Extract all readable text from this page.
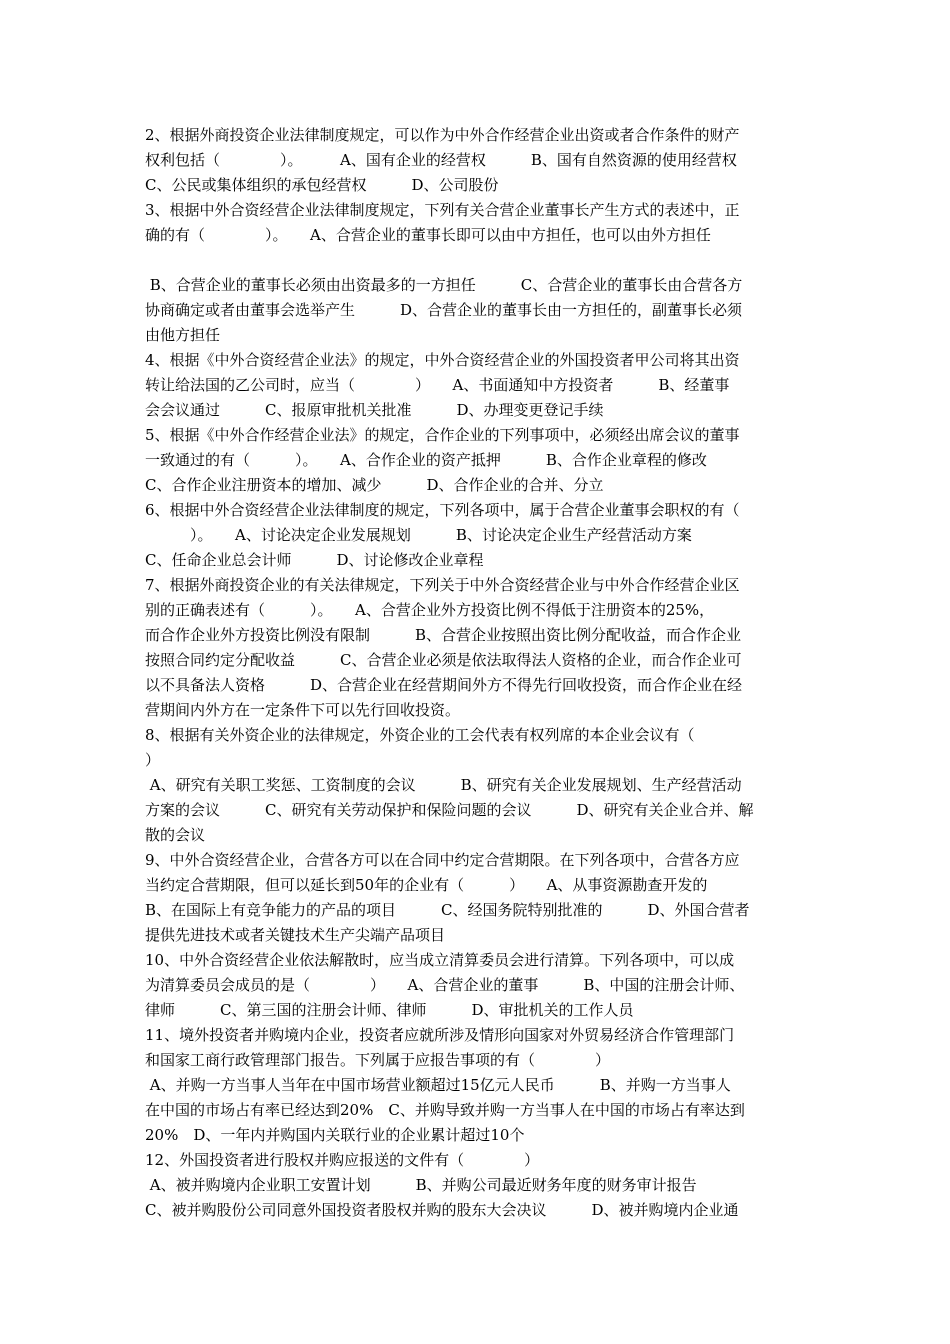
2、根据外商投资企业法律制度规定，可以作为中外合作经营企业出资或者合作条件的财产
权利包括（　　　　）。　　　A、国有企业的经营权　　　B、国有自然资源的使用经营权
C、公民或集体组织的承包经营权　　　D、公司股份
3、根据中外合资经营企业法律制度规定，下列有关合营企业董事长产生方式的表述中，正
确的有（　　　　）。　　A、合营企业的董事长即可以由中方担任，也可以由外方担任
B、合营企业的董事长必须由出资最多的一方担任　　　C、合营企业的董事长由合营各方
协商确定或者由董事会选举产生　　　D、合营企业的董事长由一方担任的，副董事长必须
由他方担任
4、根据《中外合资经营企业法》的规定，中外合资经营企业的外国投资者甲公司将其出资
转让给法国的乙公司时，应当（　　　　）　　A、书面通知中方投资者　　　B、经董事
会会议通过　　　C、报原审批机关批准　　　D、办理变更登记手续
5、根据《中外合作经营企业法》的规定，合作企业的下列事项中，必须经出席会议的董事
一致通过的有（　　　）。　　A、合作企业的资产抵押　　　B、合作企业章程的修改
C、合作企业注册资本的增加、减少　　　D、合作企业的合并、分立
6、根据中外合资经营企业法律制度的规定，下列各项中，属于合营企业董事会职权的有（
　　　）。　　A、讨论决定企业发展规划　　　B、讨论决定企业生产经营活动方案
C、任命企业总会计师　　　D、讨论修改企业章程
7、根据外商投资企业的有关法律规定，下列关于中外合资经营企业与中外合作经营企业区
别的正确表述有（　　　）。　　A、合营企业外方投资比例不得低于注册资本的25%，
而合作企业外方投资比例没有限制　　　B、合营企业按照出资比例分配收益，而合作企业
按照合同约定分配收益　　　C、合营企业必须是依法取得法人资格的企业，而合作企业可
以不具备法人资格　　　D、合营企业在经营期间外方不得先行回收投资，而合作企业在经
营期间内外方在一定条件下可以先行回收投资。
8、根据有关外资企业的法律规定，外资企业的工会代表有权列席的本企业会议有（
）
A、研究有关职工奖惩、工资制度的会议　　　B、研究有关企业发展规划、生产经营活动
方案的会议　　　C、研究有关劳动保护和保险问题的会议　　　D、研究有关企业合并、解
散的会议
9、中外合资经营企业，合营各方可以在合同中约定合营期限。在下列各项中，合营各方应
当约定合营期限，但可以延长到50年的企业有（　　　）　　A、从事资源勘查开发的
B、在国际上有竞争能力的产品的项目　　　C、经国务院特别批准的　　　D、外国合营者
提供先进技术或者关键技术生产尖端产品项目
10、中外合资经营企业依法解散时，应当成立清算委员会进行清算。下列各项中，可以成
为清算委员会成员的是（　　　　）　　A、合营企业的董事　　　B、中国的注册会计师、
律师　　　C、第三国的注册会计师、律师　　　D、审批机关的工作人员
11、境外投资者并购境内企业，投资者应就所涉及情形向国家对外贸易经济合作管理部门
和国家工商行政管理部门报告。下列属于应报告事项的有（　　　　）
A、并购一方当事人当年在中国市场营业额超过15亿元人民币　　　B、并购一方当事人
在中国的市场占有率已经达到20%　C、并购导致并购一方当事人在中国的市场占有率达到
20%　D、一年内并购国内关联行业的企业累计超过10个
12、外国投资者进行股权并购应报送的文件有（　　　　）
A、被并购境内企业职工安置计划　　　B、并购公司最近财务年度的财务审计报告
C、被并购股份公司同意外国投资者股权并购的股东大会决议　　　D、被并购境内企业通
